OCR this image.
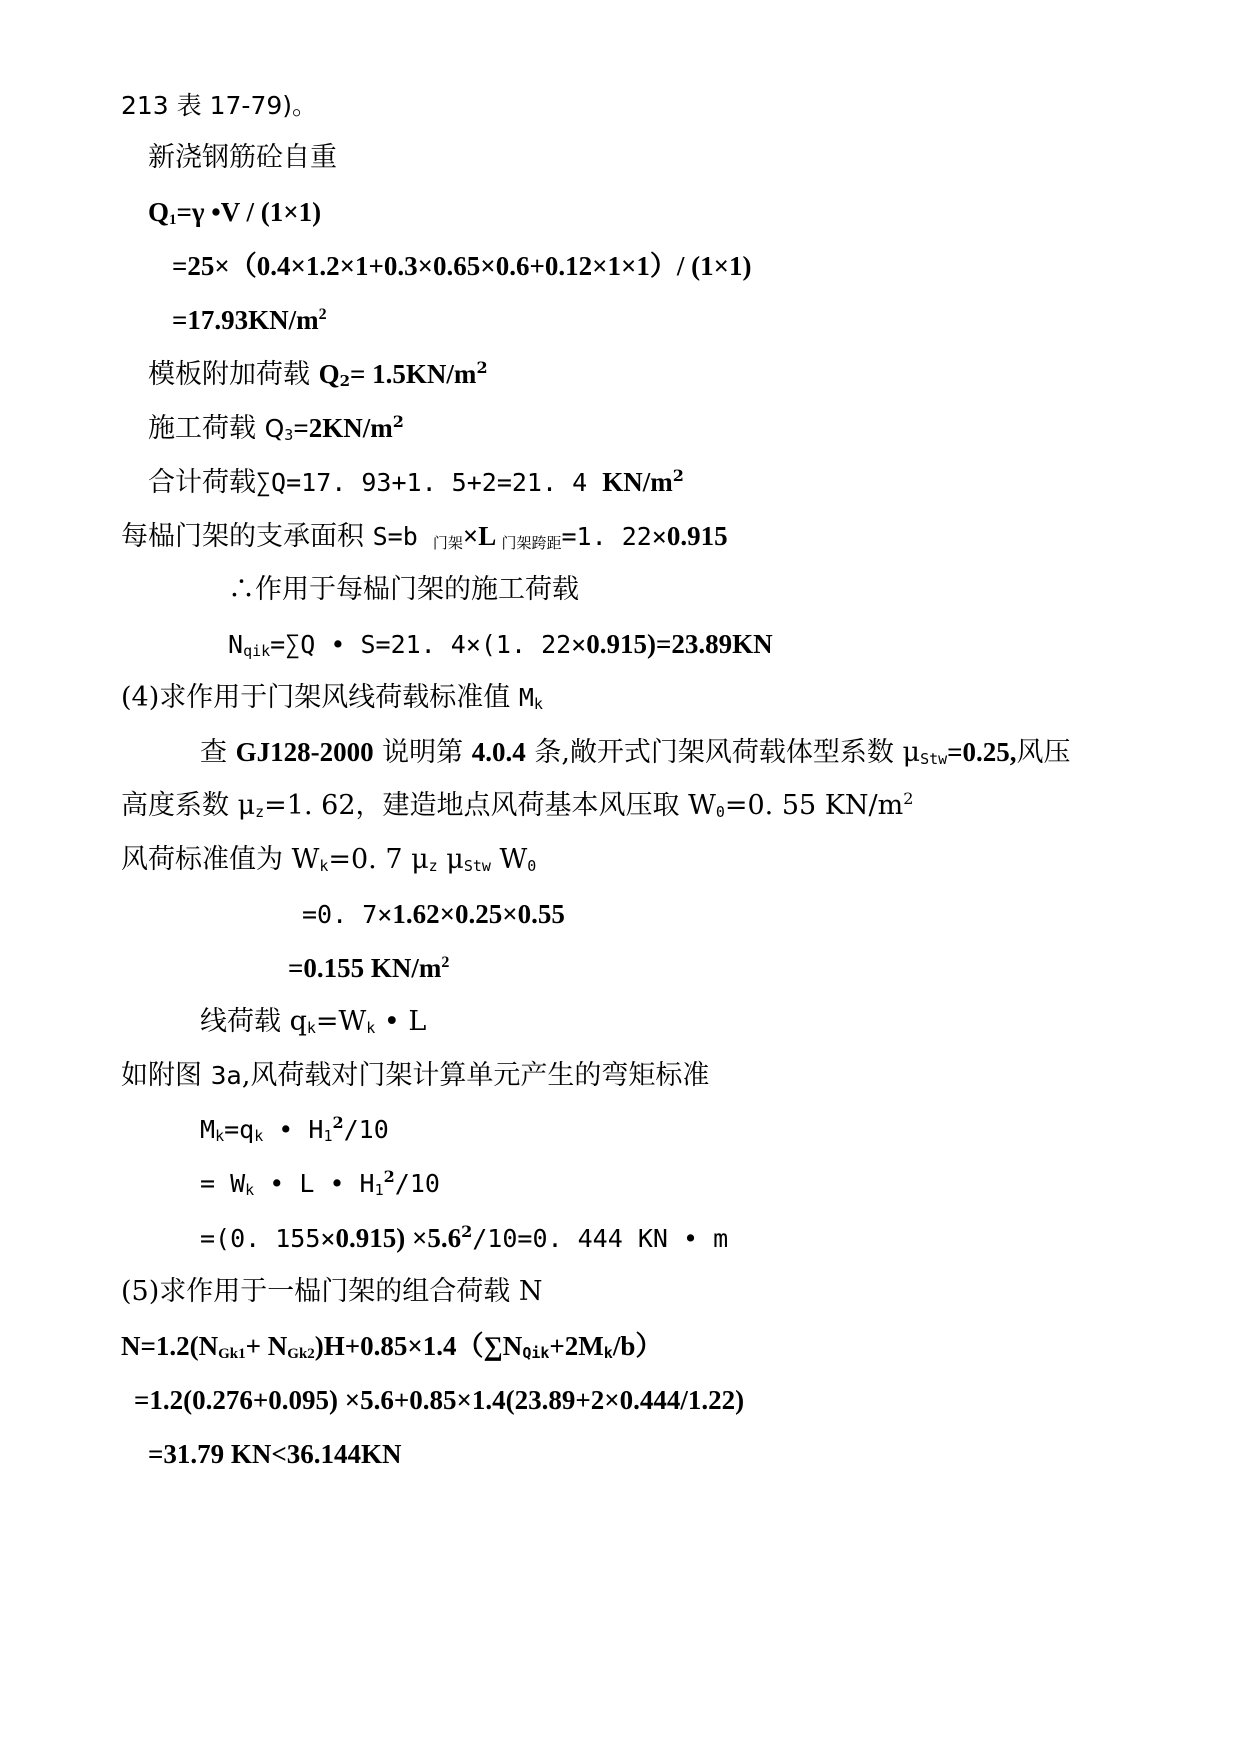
213 表 17-79)。
新浇钢筋砼自重
Q1=γ •V / (1×1)
=25×（0.4×1.2×1+0.3×0.65×0.6+0.12×1×1）/ (1×1)
$=17.93KN/m^2$
模板附加荷载 $Q2= 1.5KN/m^2$
施工荷载 $Q3=2KN/m^2$
合计荷载∑Q=17. 93+1. 5+2=21. 4 $KN/m^2$
每榀门架的支承面积 S=b 门架×L 门架跨距=1. 22×0.915
∴作用于每榀门架的施工荷载
Nqik=∑Q • S=21. 4×(1. 22×0.915)=23.89KN
(4)求作用于门架风线荷载标准值 Mk
查 GJ128-2000 说明第 4.0.4 条,敞开式门架风荷载体型系数 μStw=0.25,风压
高度系数 μz=1. 62，建造地点风荷基本风压取 W0=0. 55 $KN/m^2$
风荷标准值为 Wk=0. 7 μz μStw W0
=0. 7×1.62×0.25×0.55
=0.155 $KN/m^2$
线荷载 qk=Wk • L
如附图 3a,风荷载对门架计算单元产生的弯矩标准
Mk=qk • $H1^2/10$
= Wk • L • $H1^2/10$
=(0. $155\times 0.915) \times 5.6^2/10=0$. 444 KN • m
(5)求作用于一榀门架的组合荷载 N
N=1.2(NGk1+ NGk2)H+0.85×1.4（∑NQik+2Mk/b）
=1.2(0.276+0.095) ×5.6+0.85×1.4(23.89+2×0.444/1.22)
=31.79 KN<36.144KN
